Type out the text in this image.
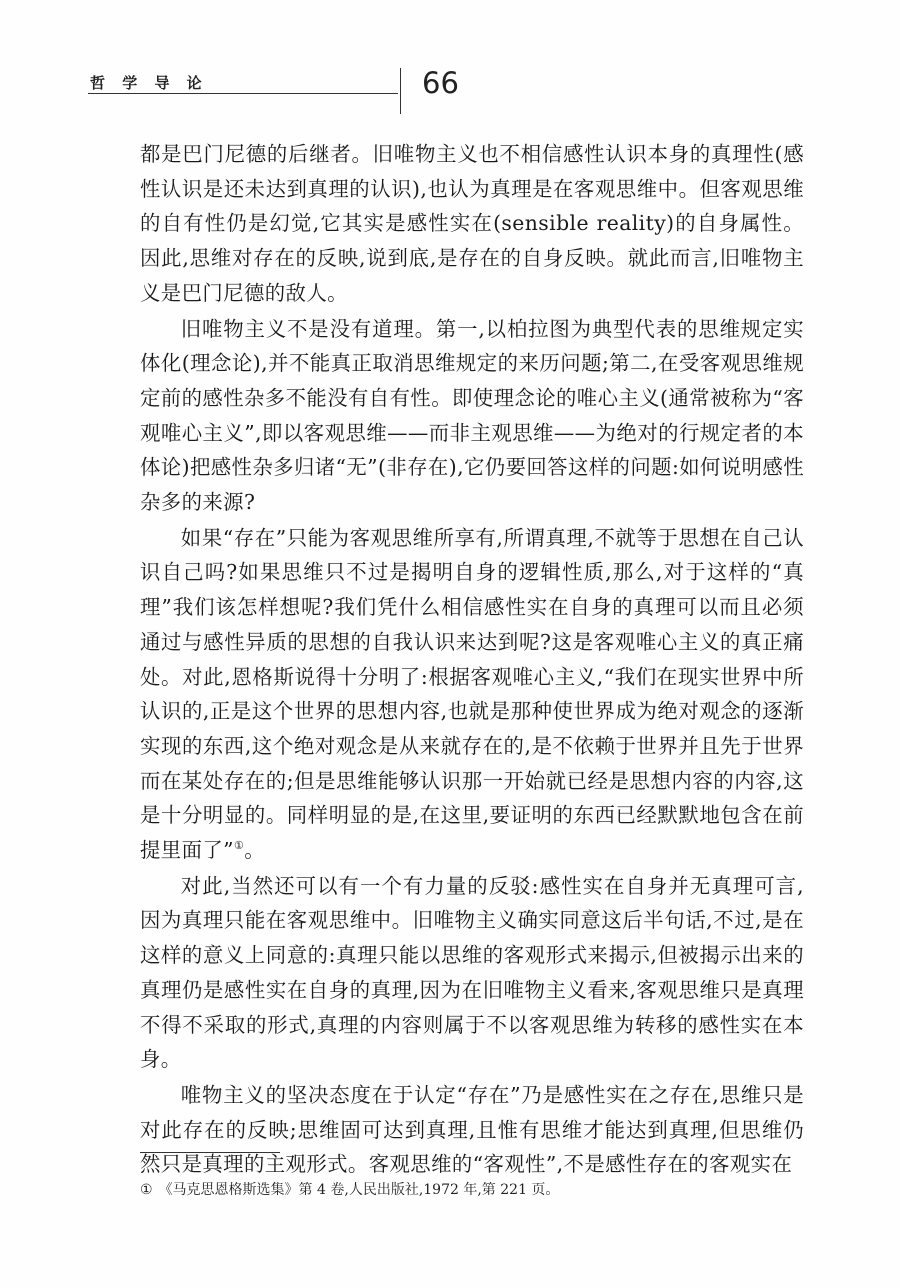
哲 学 导 论	66

都是巴门尼德的后继者。旧唯物主义也不相信感性认识本身的真理性(感性认识是还未达到真理的认识),也认为真理是在客观思维中。但客观思维的自有性仍是幻觉,它其实是感性实在(sensible reality)的自身属性。因此,思维对存在的反映,说到底,是存在的自身反映。就此而言,旧唯物主义是巴门尼德的敌人。

旧唯物主义不是没有道理。第一,以柏拉图为典型代表的思维规定实体化(理念论),并不能真正取消思维规定的来历问题;第二,在受客观思维规定前的感性杂多不能没有自有性。即使理念论的唯心主义(通常被称为“客观唯心主义”,即以客观思维——而非主观思维——为绝对的行规定者的本体论)把感性杂多归诸“无”(非存在),它仍要回答这样的问题:如何说明感性杂多的来源?

如果“存在”只能为客观思维所享有,所谓真理,不就等于思想在自己认识自己吗?如果思维只不过是揭明自身的逻辑性质,那么,对于这样的“真理”我们该怎样想呢?我们凭什么相信感性实在自身的真理可以而且必须通过与感性异质的思想的自我认识来达到呢?这是客观唯心主义的真正痛处。对此,恩格斯说得十分明了:根据客观唯心主义,“我们在现实世界中所认识的,正是这个世界的思想内容,也就是那种使世界成为绝对观念的逐渐实现的东西,这个绝对观念是从来就存在的,是不依赖于世界并且先于世界而在某处存在的;但是思维能够认识那一开始就已经是思想内容的内容,这是十分明显的。同样明显的是,在这里,要证明的东西已经默默地包含在前提里面了”①。

对此,当然还可以有一个有力量的反驳:感性实在自身并无真理可言,因为真理只能在客观思维中。旧唯物主义确实同意这后半句话,不过,是在这样的意义上同意的:真理只能以思维的客观形式来揭示,但被揭示出来的真理仍是感性实在自身的真理,因为在旧唯物主义看来,客观思维只是真理不得不采取的形式,真理的内容则属于不以客观思维为转移的感性实在本身。

唯物主义的坚决态度在于认定“存在”乃是感性实在之存在,思维只是对此存在的反映;思维固可达到真理,且惟有思维才能达到真理,但思维仍然只是真理的主观形式。客观思维的“客观性”,不是感性存在的客观实在

① 《马克思恩格斯选集》第 4 卷,人民出版社,1972 年,第 221 页。
